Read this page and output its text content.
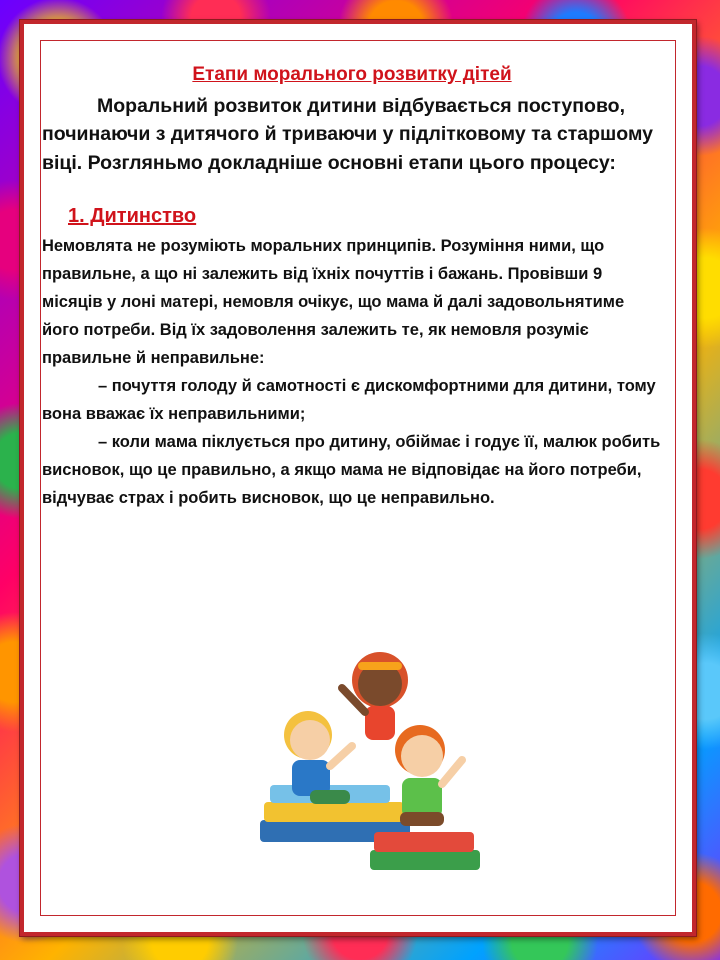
Етапи морального розвитку дітей

Моральний розвиток дитини відбувається поступово, починаючи з дитячого й триваючи у підлітковому та старшому віці. Розгляньмо докладніше основні етапи цього процесу:

1. Дитинство

Немовлята не розуміють моральних принципів. Розуміння ними, що правильне, а що ні залежить від їхніх почуттів і бажань. Провівши 9 місяців у лоні матері, немовля очікує, що мама й далі задовольнятиме його потреби. Від їх задоволення залежить те, як немовля розуміє правильне й неправильне:

– почуття голоду й самотності є дискомфортними для дитини, тому вона вважає їх неправильними;

– коли мама піклується про дитину, обіймає і годує її, малюк робить висновок, що це правильно, а якщо мама не відповідає на його потреби, відчуває страх і робить висновок, що це неправильно.
